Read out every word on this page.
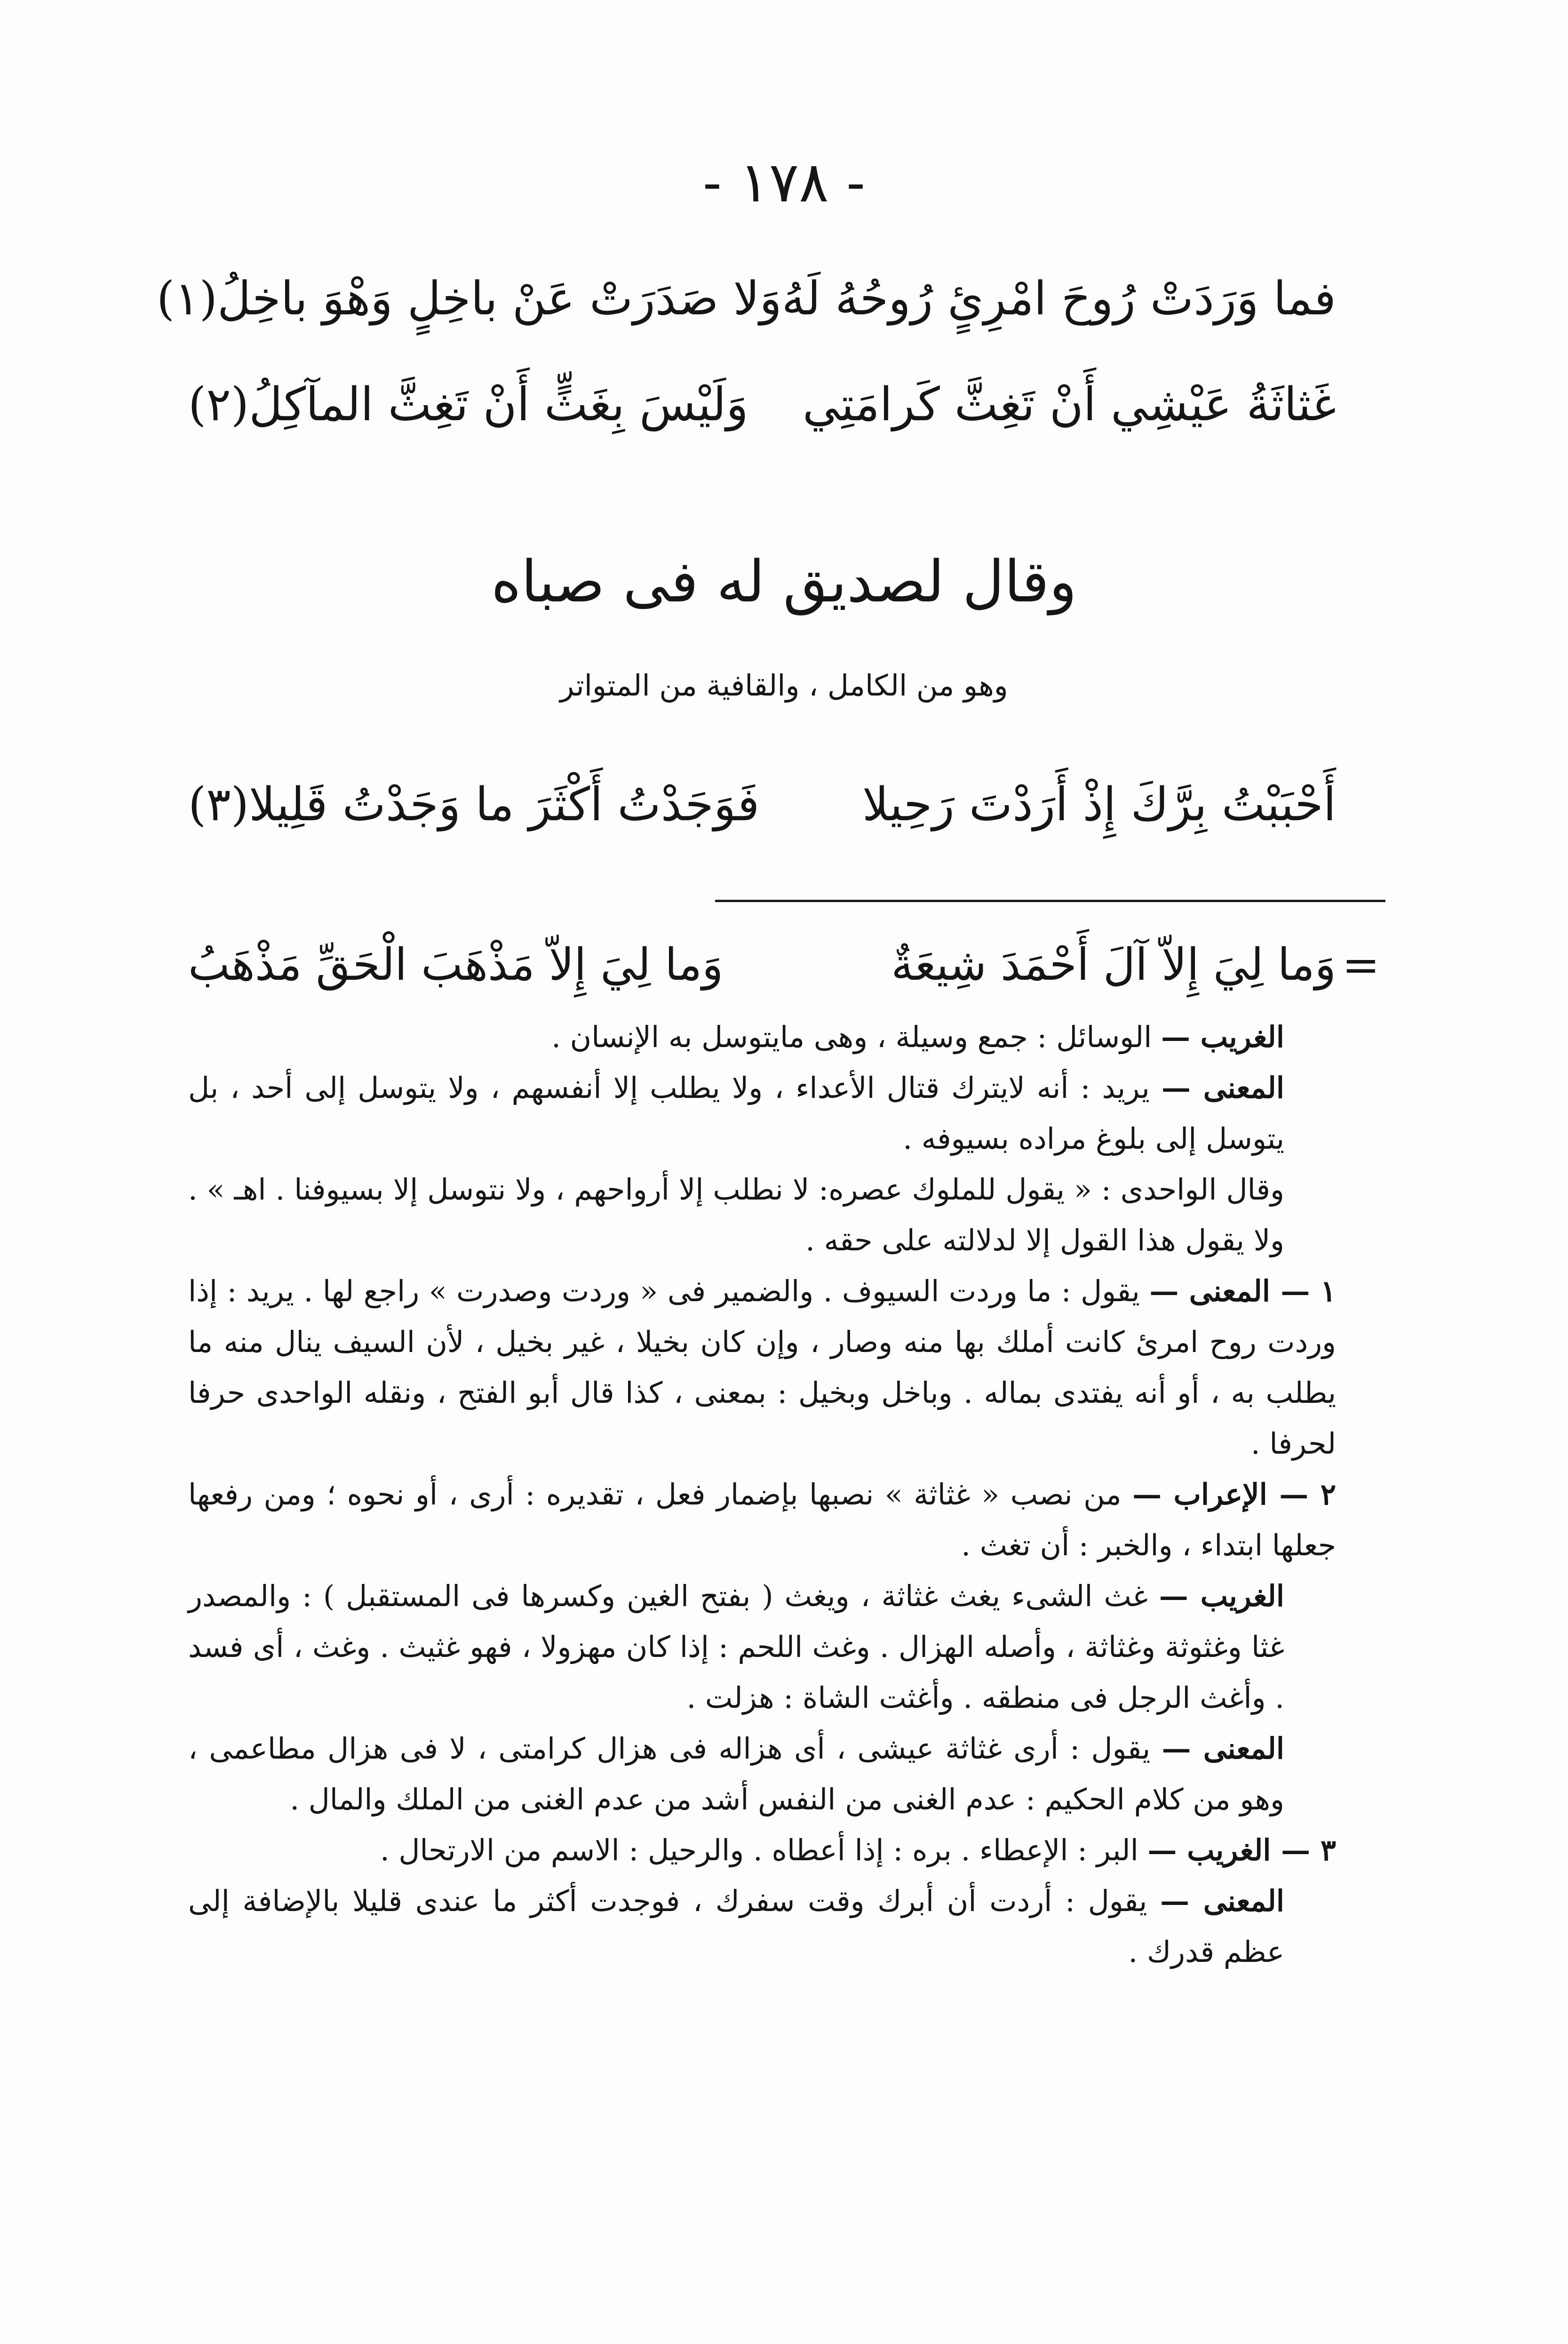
- ١٧٨ -
فما وَرَدَتْ رُوحَ امْرِئٍ رُوحُهُ لَهُ
وَلا صَدَرَتْ عَنْ باخِلٍ وَهْوَ باخِلُ(١)
غَثاثَةُ عَيْشِي أَنْ تَغِثَّ كَرامَتِي
وَلَيْسَ بِغَثٍّ أَنْ تَغِثَّ المآكِلُ(٢)
وقال لصديق له فى صباه
وهو من الكامل ، والقافية من المتواتر
أَحْبَبْتُ بِرَّكَ إِذْ أَرَدْتَ رَحِيلا
فَوَجَدْتُ أَكْثَرَ ما وَجَدْتُ قَلِيلا(٣)
=
وَما لِيَ إِلاّ آلَ أَحْمَدَ شِيعَةٌ
وَما لِيَ إِلاّ مَذْهَبَ الْحَقِّ مَذْهَبُ

الغريب — الوسائل : جمع وسيلة ، وهى مايتوسل به الإنسان .

المعنى — يريد : أنه لايترك قتال الأعداء ، ولا يطلب إلا أنفسهم ، ولا يتوسل إلى أحد ، بل يتوسل إلى بلوغ مراده بسيوفه .

وقال الواحدى : « يقول للملوك عصره: لا نطلب إلا أرواحهم ، ولا نتوسل إلا بسيوفنا . اهـ » . ولا يقول هذا القول إلا لدلالته على حقه .

١ — المعنى — يقول : ما وردت السيوف . والضمير فى « وردت وصدرت » راجع لها . يريد : إذا وردت روح امرئ كانت أملك بها منه وصار ، وإن كان بخيلا ، غير بخيل ، لأن السيف ينال منه ما يطلب به ، أو أنه يفتدى بماله . وباخل وبخيل : بمعنى ، كذا قال أبو الفتح ، ونقله الواحدى حرفا لحرفا .

٢ — الإعراب — من نصب « غثاثة » نصبها بإضمار فعل ، تقديره : أرى ، أو نحوه ؛ ومن رفعها جعلها ابتداء ، والخبر : أن تغث .

الغريب — غث الشىء يغث غثاثة ، ويغث ( بفتح الغين وكسرها فى المستقبل ) : والمصدر غثا وغثوثة وغثاثة ، وأصله الهزال . وغث اللحم : إذا كان مهزولا ، فهو غثيث . وغث ، أى فسد . وأغث الرجل فى منطقه . وأغثت الشاة : هزلت .

المعنى — يقول : أرى غثاثة عيشى ، أى هزاله فى هزال كرامتى ، لا فى هزال مطاعمى ، وهو من كلام الحكيم : عدم الغنى من النفس أشد من عدم الغنى من الملك والمال .

٣ — الغريب — البر : الإعطاء . بره : إذا أعطاه . والرحيل : الاسم من الارتحال .

المعنى — يقول : أردت أن أبرك وقت سفرك ، فوجدت أكثر ما عندى قليلا بالإضافة إلى عظم قدرك .
